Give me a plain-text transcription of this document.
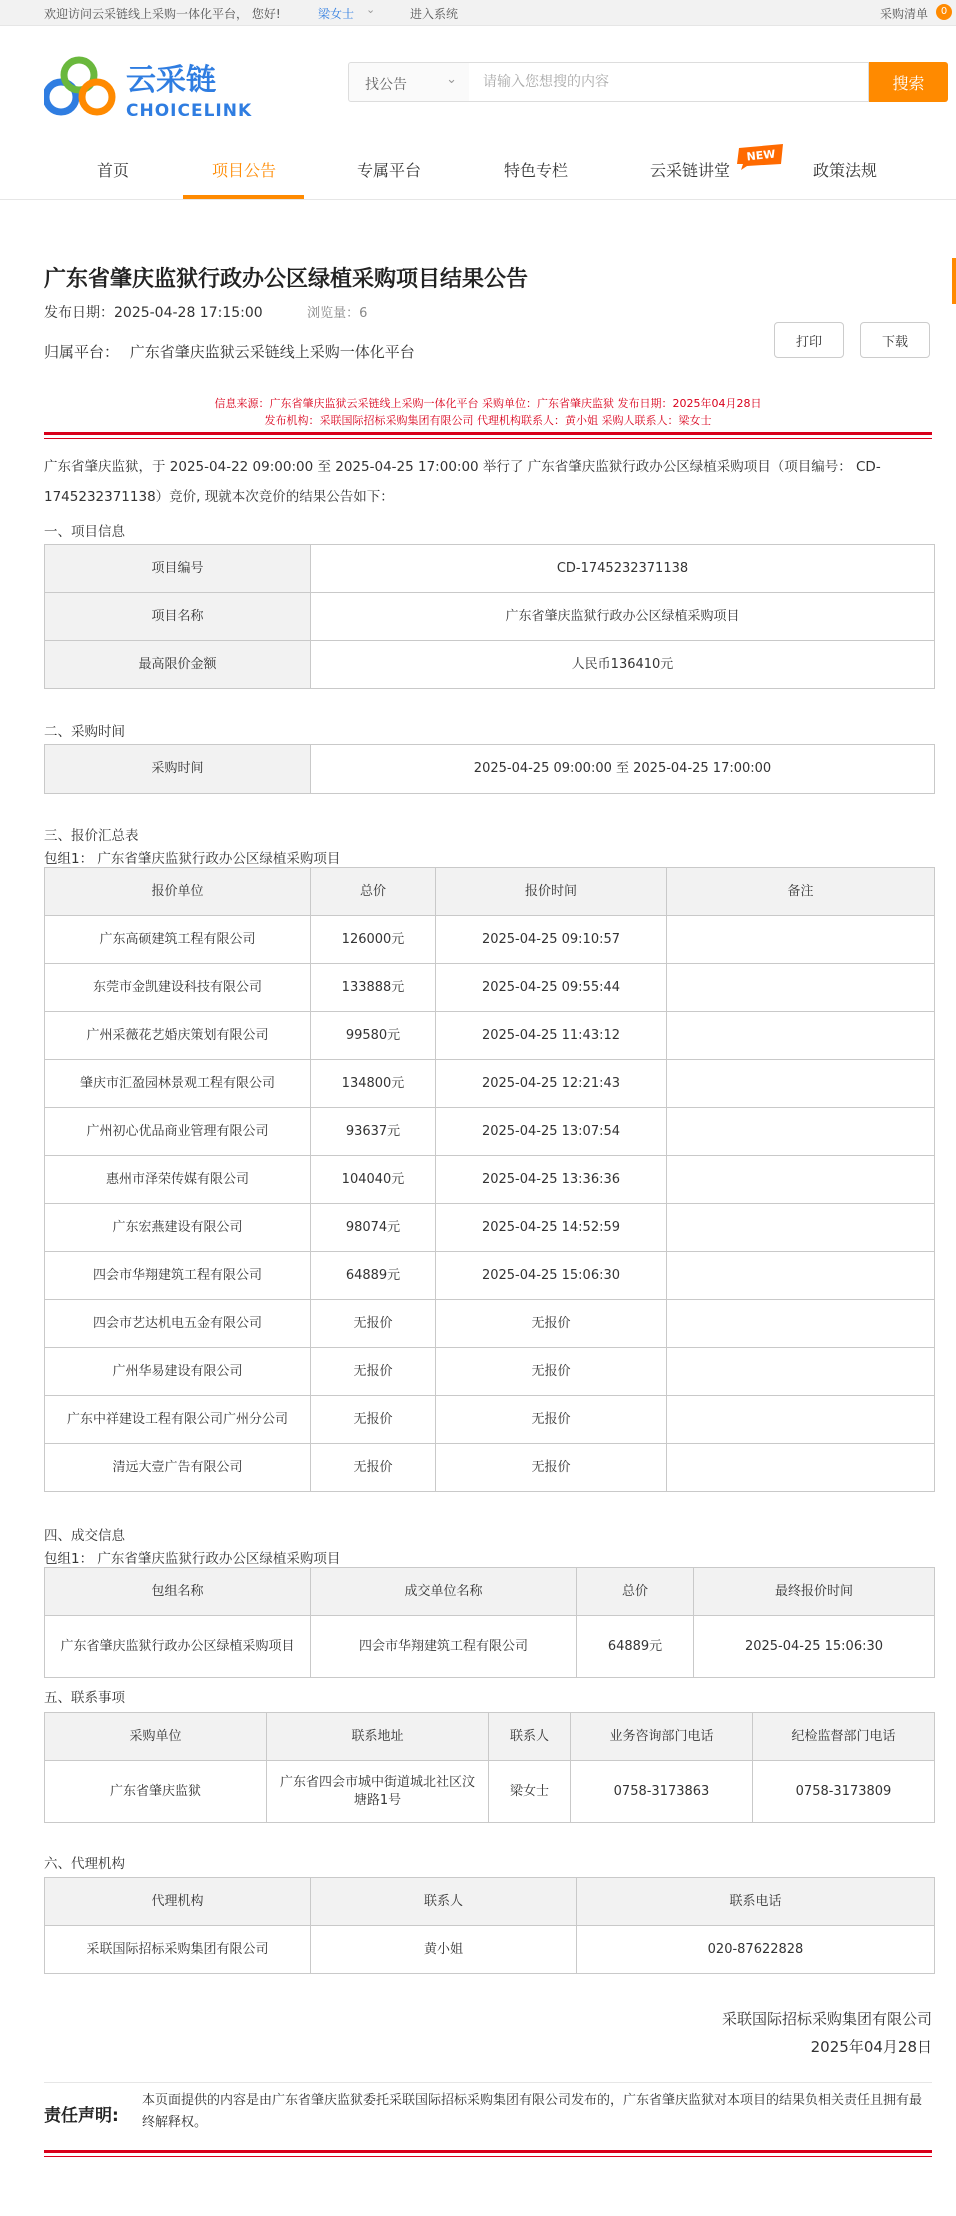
欢迎访问云采链线上采购一体化平台， 您好!	梁女士 ⌄	进入系统	采购清单	0
云采链
CHOICELINK
找公告	⌄
请输入您想搜的内容	搜索
首页	项目公告	专属平台	特色专栏	云采链讲堂	政策法规
NEW
广东省肇庆监狱行政办公区绿植采购项目结果公告
发布日期：2025-04-28 17:15:00	浏览量：6
归属平台： 广东省肇庆监狱云采链线上采购一体化平台
打印	下载
信息来源：广东省肇庆监狱云采链线上采购一体化平台 采购单位：广东省肇庆监狱 发布日期：2025年04月28日
发布机构：采联国际招标采购集团有限公司 代理机构联系人：黄小姐 采购人联系人：梁女士
广东省肇庆监狱，于 2025-04-22 09:00:00 至 2025-04-25 17:00:00 举行了 广东省肇庆监狱行政办公区绿植采购项目（项目编号： CD-1745232371138）竞价, 现就本次竞价的结果公告如下：
一、项目信息
项目编号	CD-1745232371138
项目名称	广东省肇庆监狱行政办公区绿植采购项目
最高限价金额	人民币136410元
二、采购时间
采购时间	2025-04-25 09:00:00 至 2025-04-25 17:00:00
三、报价汇总表
包组1： 广东省肇庆监狱行政办公区绿植采购项目
报价单位	总价	报价时间	备注
广东高硕建筑工程有限公司	126000元	2025-04-25 09:10:57	
东莞市金凯建设科技有限公司	133888元	2025-04-25 09:55:44	
广州采薇花艺婚庆策划有限公司	99580元	2025-04-25 11:43:12	
肇庆市汇盈园林景观工程有限公司	134800元	2025-04-25 12:21:43	
广州初心优品商业管理有限公司	93637元	2025-04-25 13:07:54	
惠州市泽荣传媒有限公司	104040元	2025-04-25 13:36:36	
广东宏燕建设有限公司	98074元	2025-04-25 14:52:59	
四会市华翔建筑工程有限公司	64889元	2025-04-25 15:06:30	
四会市艺达机电五金有限公司	无报价	无报价	
广州华易建设有限公司	无报价	无报价	
广东中祥建设工程有限公司广州分公司	无报价	无报价	
清远大壹广告有限公司	无报价	无报价	
四、成交信息
包组1： 广东省肇庆监狱行政办公区绿植采购项目
包组名称	成交单位名称	总价	最终报价时间
广东省肇庆监狱行政办公区绿植采购项目	四会市华翔建筑工程有限公司	64889元	2025-04-25 15:06:30
五、联系事项
采购单位	联系地址	联系人	业务咨询部门电话	纪检监督部门电话
广东省肇庆监狱	广东省四会市城中街道城北社区汶塘路1号	梁女士	0758-3173863	0758-3173809
六、代理机构
代理机构	联系人	联系电话
采联国际招标采购集团有限公司	黄小姐	020-87622828
采联国际招标采购集团有限公司
2025年04月28日
责任声明:
本页面提供的内容是由广东省肇庆监狱委托采联国际招标采购集团有限公司发布的，广东省肇庆监狱对本项目的结果负相关责任且拥有最终解释权。
